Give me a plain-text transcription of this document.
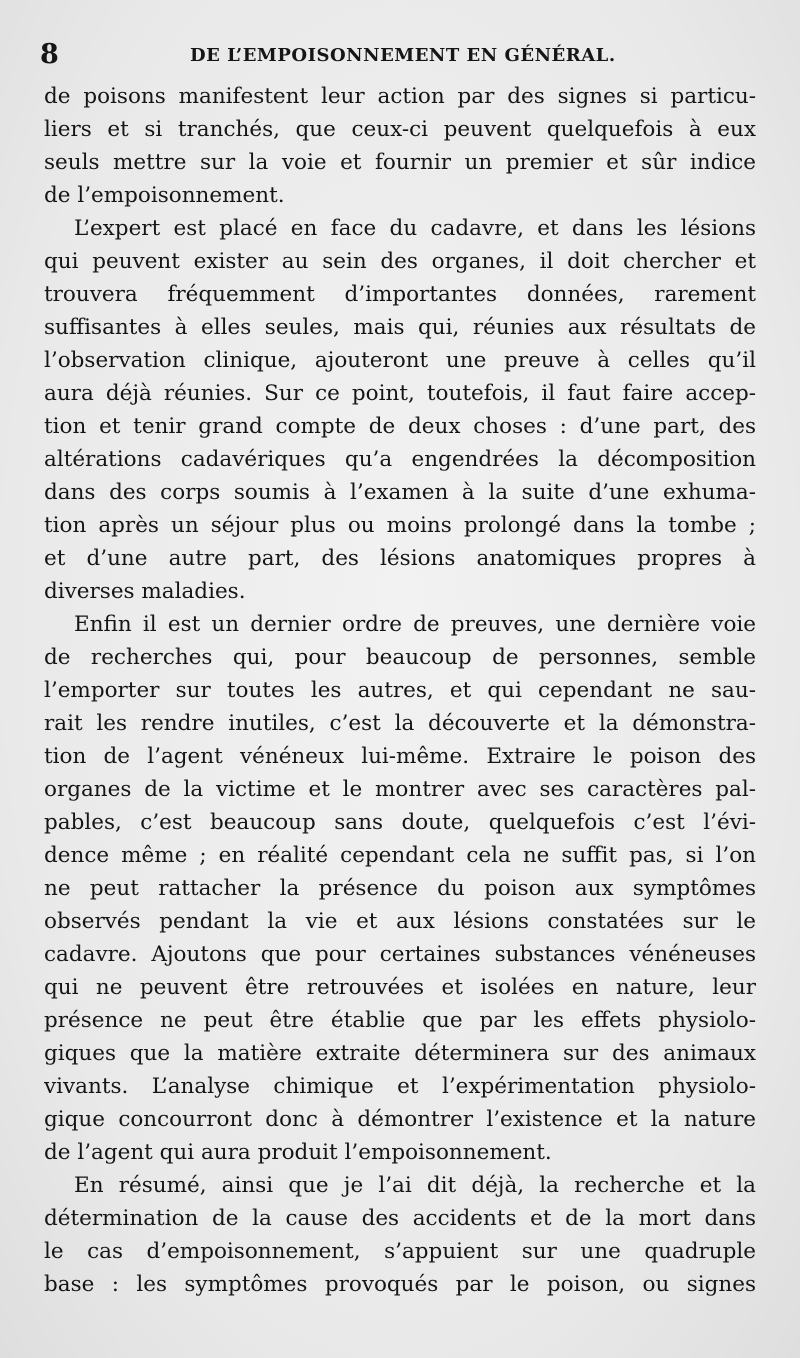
8	DE L’EMPOISONNEMENT EN GÉNÉRAL.
de poisons manifestent leur action par des signes si particu-
liers et si tranchés, que ceux-ci peuvent quelquefois à eux
seuls mettre sur la voie et fournir un premier et sûr indice
de l’empoisonnement.
L’expert est placé en face du cadavre, et dans les lésions
qui peuvent exister au sein des organes, il doit chercher et
trouvera fréquemment d’importantes données, rarement
suffisantes à elles seules, mais qui, réunies aux résultats de
l’observation clinique, ajouteront une preuve à celles qu’il
aura déjà réunies. Sur ce point, toutefois, il faut faire accep-
tion et tenir grand compte de deux choses : d’une part, des
altérations cadavériques qu’a engendrées la décomposition
dans des corps soumis à l’examen à la suite d’une exhuma-
tion après un séjour plus ou moins prolongé dans la tombe ;
et d’une autre part, des lésions anatomiques propres à
diverses maladies.
Enfin il est un dernier ordre de preuves, une dernière voie
de recherches qui, pour beaucoup de personnes, semble
l’emporter sur toutes les autres, et qui cependant ne sau-
rait les rendre inutiles, c’est la découverte et la démonstra-
tion de l’agent vénéneux lui-même. Extraire le poison des
organes de la victime et le montrer avec ses caractères pal-
pables, c’est beaucoup sans doute, quelquefois c’est l’évi-
dence même ; en réalité cependant cela ne suffit pas, si l’on
ne peut rattacher la présence du poison aux symptômes
observés pendant la vie et aux lésions constatées sur le
cadavre. Ajoutons que pour certaines substances vénéneuses
qui ne peuvent être retrouvées et isolées en nature, leur
présence ne peut être établie que par les effets physiolo-
giques que la matière extraite déterminera sur des animaux
vivants. L’analyse chimique et l’expérimentation physiolo-
gique concourront donc à démontrer l’existence et la nature
de l’agent qui aura produit l’empoisonnement.
En résumé, ainsi que je l’ai dit déjà, la recherche et la
détermination de la cause des accidents et de la mort dans
le cas d’empoisonnement, s’appuient sur une quadruple
base : les symptômes provoqués par le poison, ou signes
